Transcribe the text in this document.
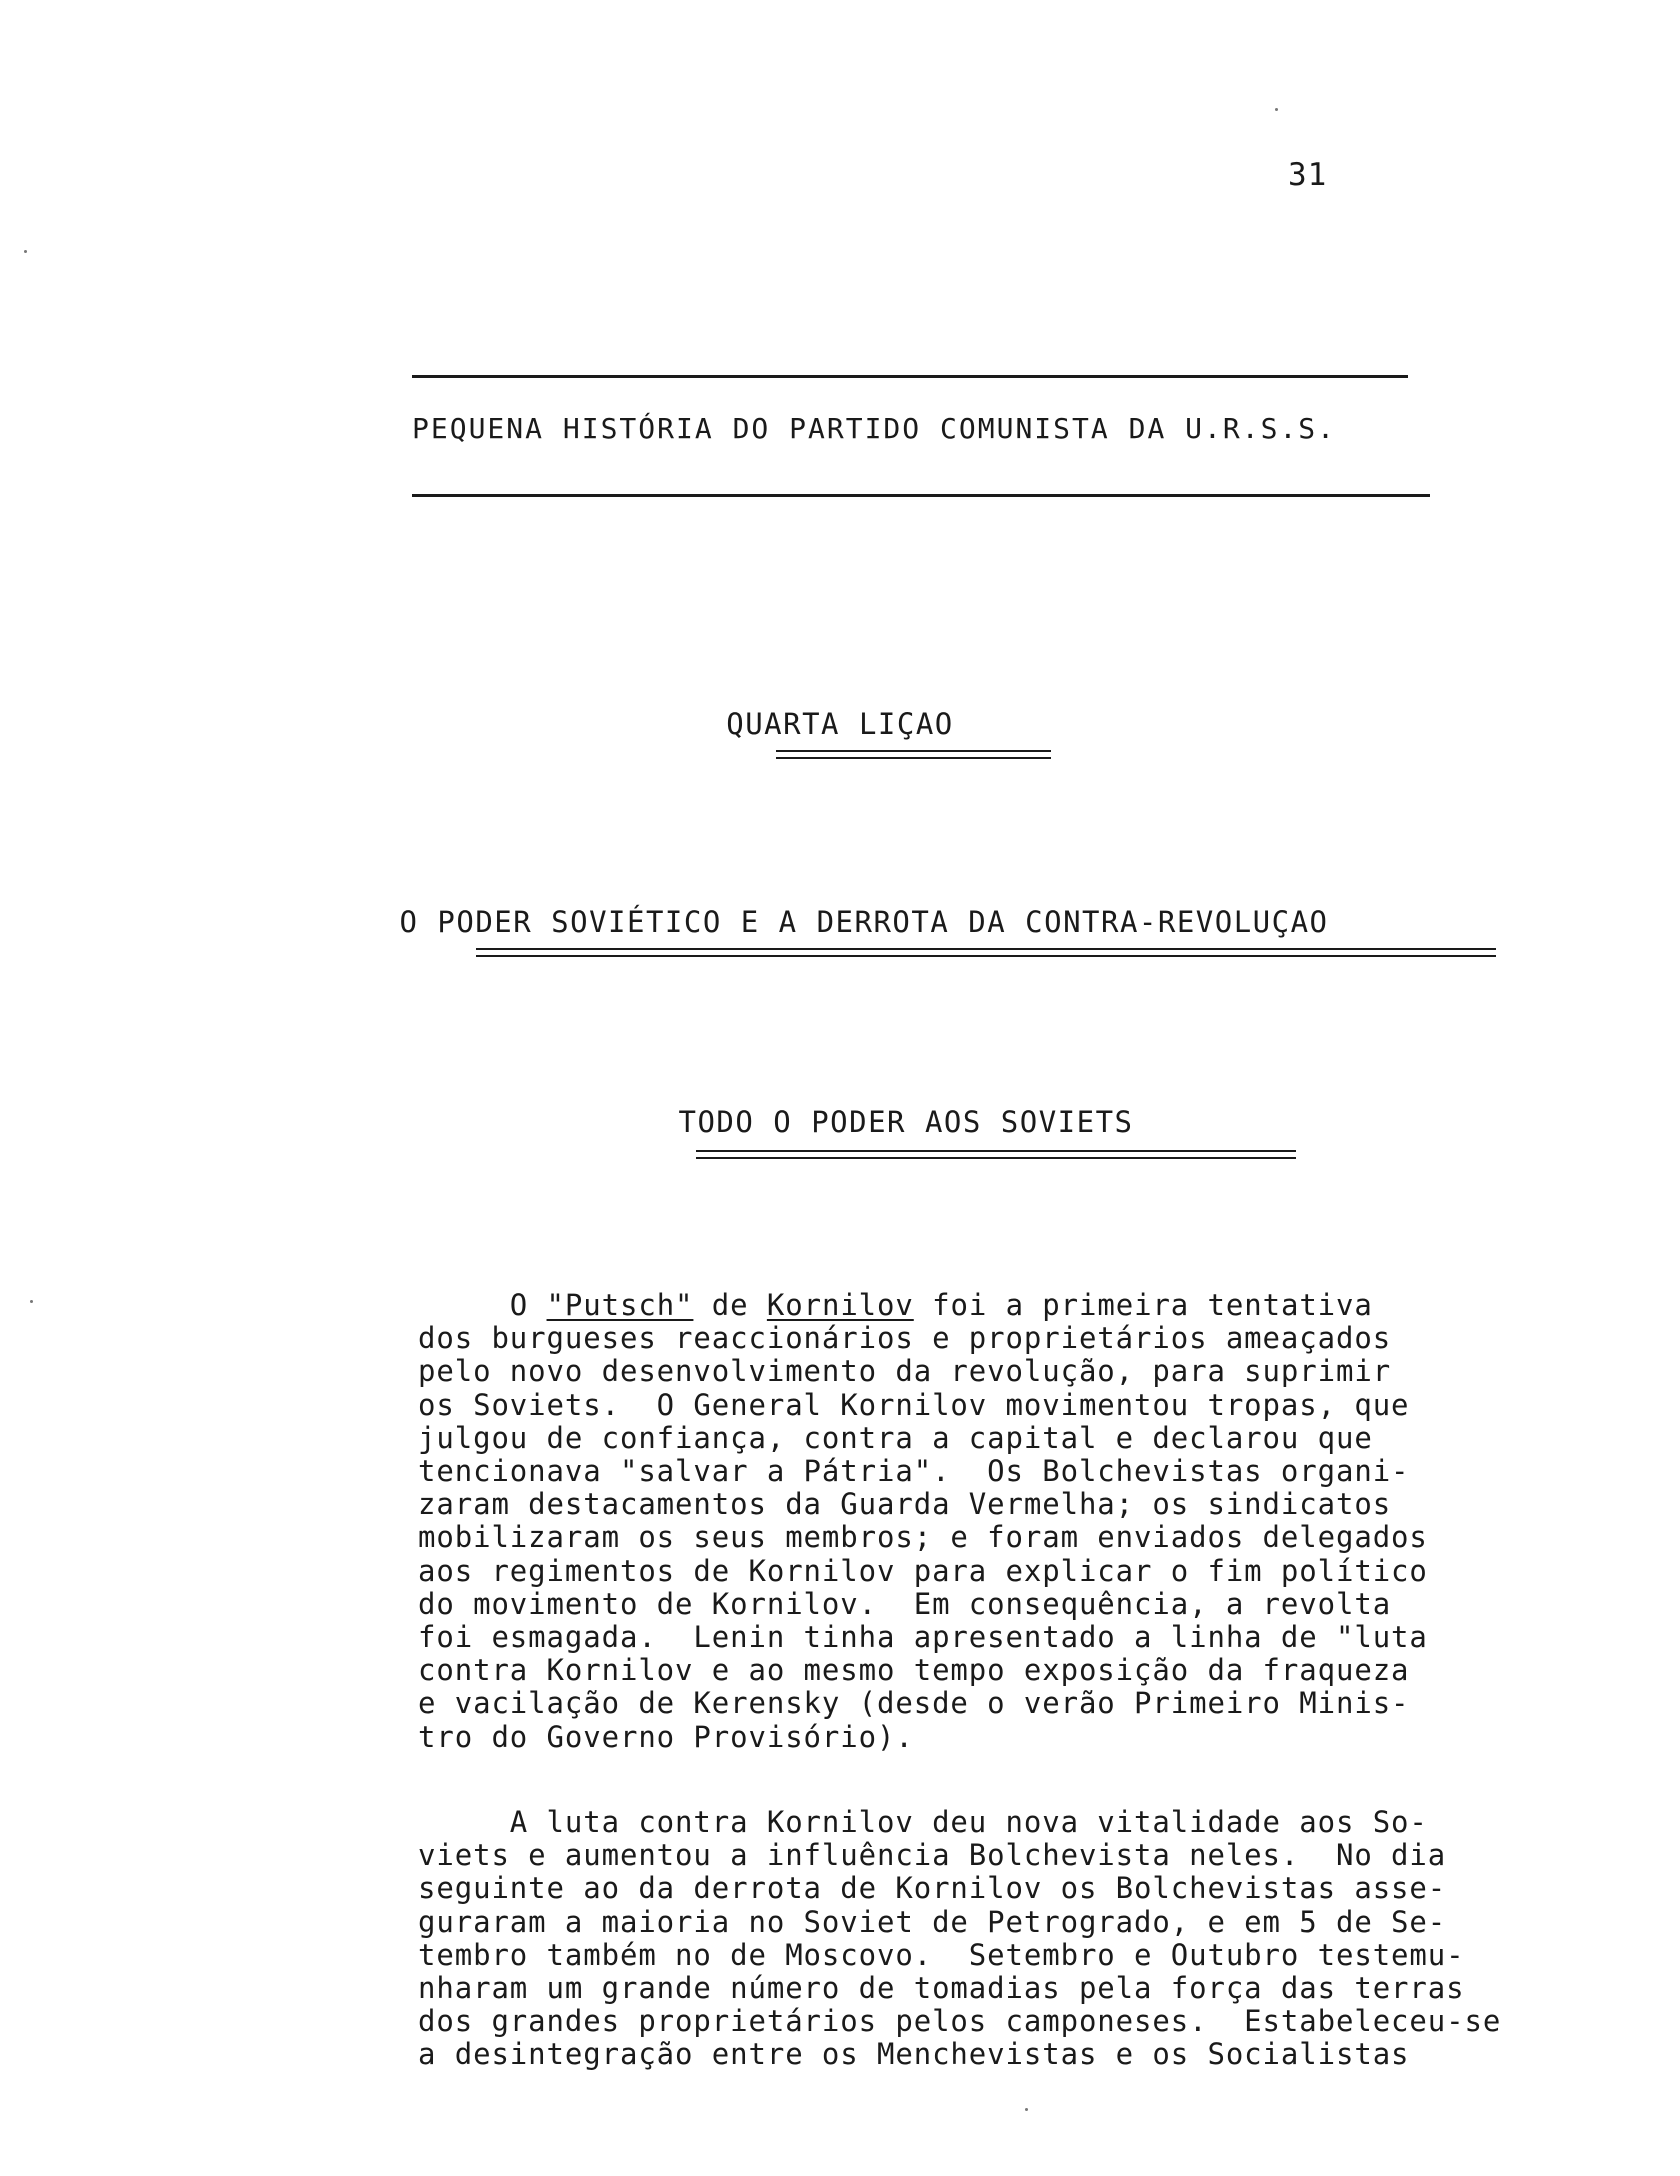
31
PEQUENA HISTÓRIA DO PARTIDO COMUNISTA DA U.R.S.S.
QUARTA LIÇAO
O PODER SOVIÉTICO E A DERROTA DA CONTRA-REVOLUÇAO
TODO O PODER AOS SOVIETS
O "Putsch" de Kornilov foi a primeira tentativa
dos burgueses reaccionários e proprietários ameaçados
pelo novo desenvolvimento da revolução, para suprimir
os Soviets.  O General Kornilov movimentou tropas, que
julgou de confiança, contra a capital e declarou que
tencionava "salvar a Pátria".  Os Bolchevistas organi-
zaram destacamentos da Guarda Vermelha; os sindicatos
mobilizaram os seus membros; e foram enviados delegados
aos regimentos de Kornilov para explicar o fim político
do movimento de Kornilov.  Em consequência, a revolta
foi esmagada.  Lenin tinha apresentado a linha de "luta
contra Kornilov e ao mesmo tempo exposição da fraqueza
e vacilação de Kerensky (desde o verão Primeiro Minis-
tro do Governo Provisório).
A luta contra Kornilov deu nova vitalidade aos So-
viets e aumentou a influência Bolchevista neles.  No dia
seguinte ao da derrota de Kornilov os Bolchevistas asse-
guraram a maioria no Soviet de Petrogrado, e em 5 de Se-
tembro também no de Moscovo.  Setembro e Outubro testemu-
nharam um grande número de tomadias pela força das terras
dos grandes proprietários pelos camponeses.  Estabeleceu-se
a desintegração entre os Menchevistas e os Socialistas
